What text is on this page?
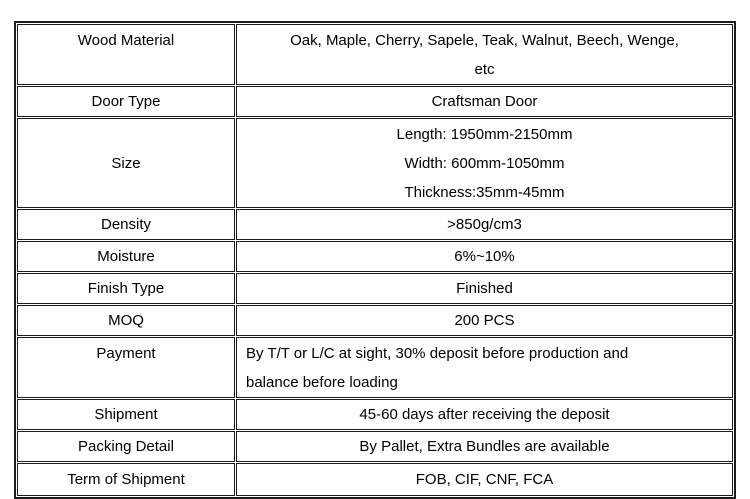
Wood Material	Oak, Maple, Cherry, Sapele, Teak, Walnut, Beech, Wenge,
etc

Door Type	Craftsman Door

Size	Length: 1950mm-2150mm
Width: 600mm-1050mm
Thickness:35mm-45mm

Density	>850g/cm3

Moisture	6%~10%

Finish Type	Finished

MOQ	200 PCS

Payment	By T/T or L/C at sight, 30% deposit before production and
balance before loading

Shipment	45-60 days after receiving the deposit

Packing Detail	By Pallet, Extra Bundles are available

Term of Shipment	FOB, CIF, CNF, FCA
